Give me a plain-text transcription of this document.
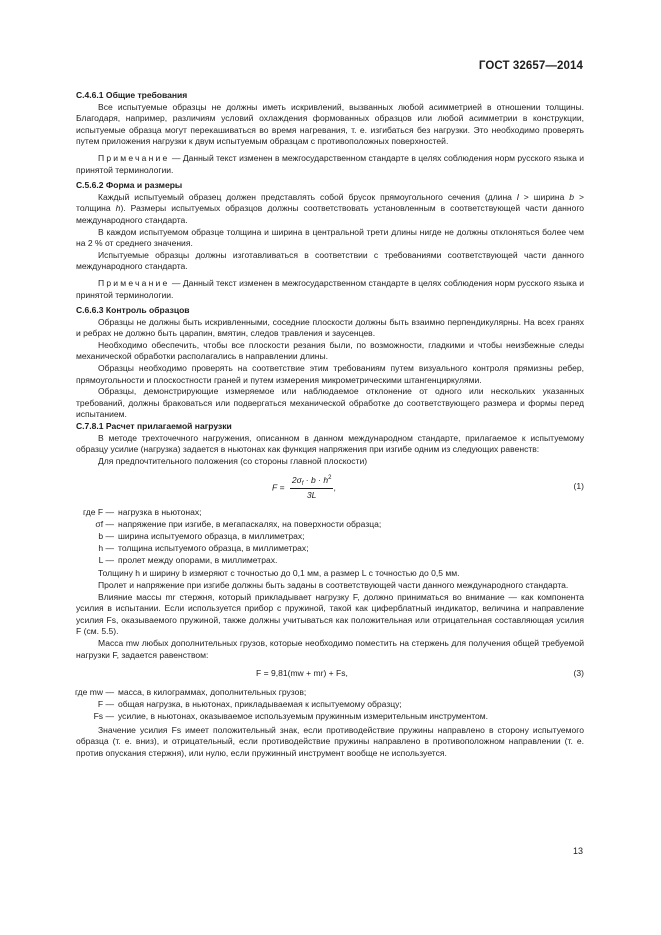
ГОСТ 32657—2014

С.4.6.1 Общие требования

Все испытуемые образцы не должны иметь искривлений, вызванных любой асимметрией в отношении толщины. Благодаря, например, различиям условий охлаждения формованных образцов или любой асимметрии в конструкции, испытуемые образца могут перекашиваться во время нагревания, т. е. изгибаться без нагрузки. Это необходимо проверять путем приложения нагрузки к двум испытуемым образцам с противоположных поверхностей.

Примечание — Данный текст изменен в межгосударственном стандарте в целях соблюдения норм русского языка и принятой терминологии.

С.5.6.2 Форма и размеры

Каждый испытуемый образец должен представлять собой брусок прямоугольного сечения (длина l > ширина b > толщина h). Размеры испытуемых образцов должны соответствовать установленным в соответствующей части данного международного стандарта.

В каждом испытуемом образце толщина и ширина в центральной трети длины нигде не должны отклоняться более чем на 2 % от среднего значения.

Испытуемые образцы должны изготавливаться в соответствии с требованиями соответствующей части данного международного стандарта.

Примечание — Данный текст изменен в межгосударственном стандарте в целях соблюдения норм русского языка и принятой терминологии.

С.6.6.3 Контроль образцов

Образцы не должны быть искривленными, соседние плоскости должны быть взаимно перпендикулярны. На всех гранях и ребрах не должно быть царапин, вмятин, следов травления и заусенцев.

Необходимо обеспечить, чтобы все плоскости резания были, по возможности, гладкими и чтобы неизбежные следы механической обработки располагались в направлении длины.

Образцы необходимо проверять на соответствие этим требованиям путем визуального контроля прямизны ребер, прямоугольности и плоскостности граней и путем измерения микрометрическими штангенциркулями.

Образцы, демонстрирующие измеряемое или наблюдаемое отклонение от одного или нескольких указанных требований, должны браковаться или подвергаться механической обработке до соответствующего размера и формы перед испытанием.

С.7.8.1 Расчет прилагаемой нагрузки

В методе трехточечного нагружения, описанном в данном международном стандарте, прилагаемое к испытуемому образцу усилие (нагрузка) задается в ньютонах как функция напряжения при изгибе одним из следующих равенств:

Для предпочтительного положения (со стороны главной плоскости)

$F = \frac{2\sigma_f \cdot b \cdot h^2}{3L}$ ,	(1)
где F — нагрузка в ньютонах;
σf — напряжение при изгибе, в мегапаскалях, на поверхности образца;
b — ширина испытуемого образца, в миллиметрах;
h — толщина испытуемого образца, в миллиметрах;
L — пролет между опорами, в миллиметрах.

Толщину h и ширину b измеряют с точностью до 0,1 мм, а размер L с точностью до 0,5 мм.

Пролет и напряжение при изгибе должны быть заданы в соответствующей части данного международного стандарта.

Влияние массы mr стержня, который прикладывает нагрузку F, должно приниматься во внимание — как компонента усилия в испытании. Если используется прибор с пружиной, такой как циферблатный индикатор, величина и направление усилия Fs, оказываемого пружиной, также должны учитываться как положительная или отрицательная составляющая усилия F (см. 5.5).

Масса mw любых дополнительных грузов, которые необходимо поместить на стержень для получения общей требуемой нагрузки F, задается равенством:

F = 9,81(mw + mr) + Fs,	(3)
где mw — масса, в килограммах, дополнительных грузов;
F — общая нагрузка, в ньютонах, прикладываемая к испытуемому образцу;
Fs — усилие, в ньютонах, оказываемое используемым пружинным измерительным инструментом.

Значение усилия Fs имеет положительный знак, если противодействие пружины направлено в сторону испытуемого образца (т. е. вниз), и отрицательный, если противодействие пружины направлено в противоположном направлении (т. е. против опускания стержня), или нулю, если пружинный инструмент вообще не используется.

13
